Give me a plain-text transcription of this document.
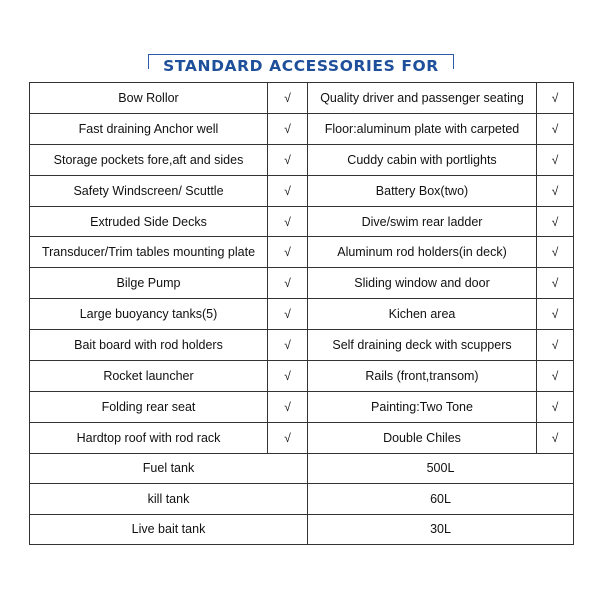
STANDARD ACCESSORIES FOR
Bow Rollor	√	Quality driver and passenger seating	√
Fast draining Anchor well	√	Floor:aluminum plate with carpeted	√
Storage pockets fore,aft and sides	√	Cuddy cabin with portlights	√
Safety Windscreen/ Scuttle	√	Battery Box(two)	√
Extruded Side Decks	√	Dive/swim rear ladder	√
Transducer/Trim tables mounting plate	√	Aluminum rod holders(in deck)	√
Bilge Pump	√	Sliding window and door	√
Large buoyancy tanks(5)	√	Kichen area	√
Bait board with rod holders	√	Self draining deck with scuppers	√
Rocket launcher	√	Rails (front,transom)	√
Folding rear seat	√	Painting:Two Tone	√
Hardtop roof with rod rack	√	Double Chiles	√
Fuel tank		500L	
kill tank		60L	
Live bait tank		30L	
